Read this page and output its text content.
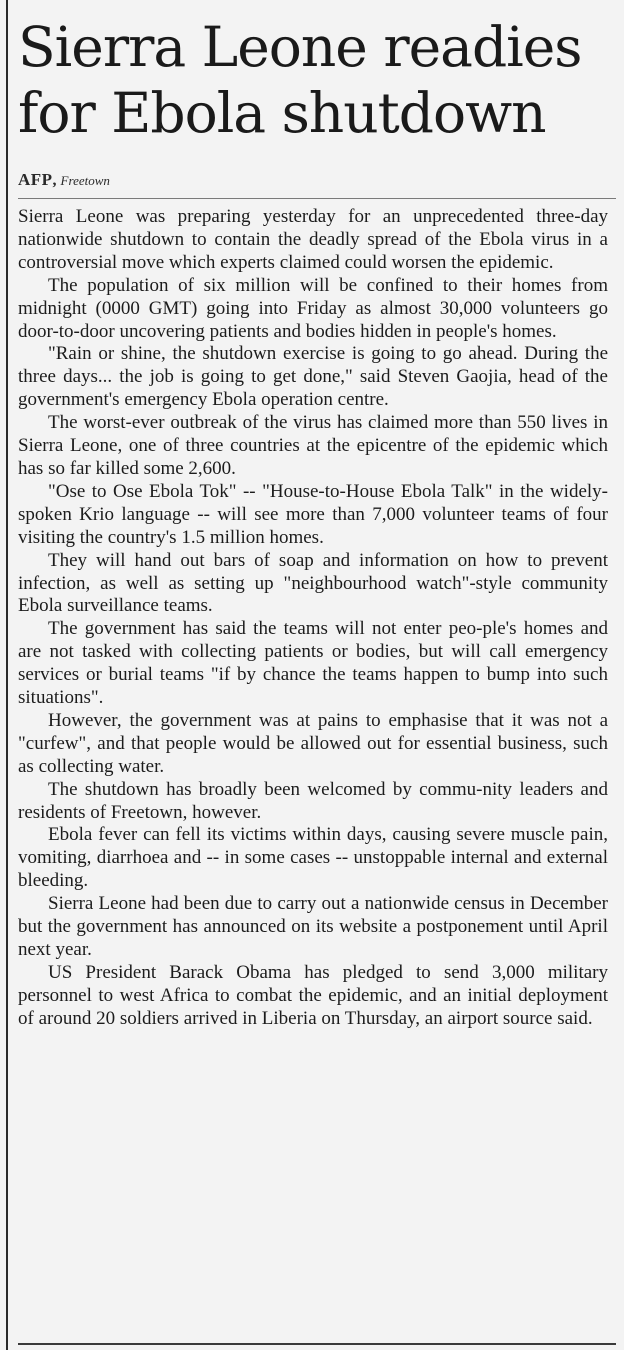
Sierra Leone readies for Ebola shutdown
AFP, Freetown

Sierra Leone was preparing yesterday for an unprecedented three-day nationwide shutdown to contain the deadly spread of the Ebola virus in a controversial move which experts claimed could worsen the epidemic.

The population of six million will be confined to their homes from midnight (0000 GMT) going into Friday as almost 30,000 volunteers go door-to-door uncovering patients and bodies hidden in people's homes.

"Rain or shine, the shutdown exercise is going to go ahead. During the three days... the job is going to get done," said Steven Gaojia, head of the government's emergency Ebola operation centre.

The worst-ever outbreak of the virus has claimed more than 550 lives in Sierra Leone, one of three countries at the epicentre of the epidemic which has so far killed some 2,600.

"Ose to Ose Ebola Tok" -- "House-to-House Ebola Talk" in the widely-spoken Krio language -- will see more than 7,000 volunteer teams of four visiting the country's 1.5 million homes.

They will hand out bars of soap and information on how to prevent infection, as well as setting up "neighbourhood watch"-style community Ebola surveillance teams.

The government has said the teams will not enter peo-ple's homes and are not tasked with collecting patients or bodies, but will call emergency services or burial teams "if by chance the teams happen to bump into such situations".

However, the government was at pains to emphasise that it was not a "curfew", and that people would be allowed out for essential business, such as collecting water.

The shutdown has broadly been welcomed by commu-nity leaders and residents of Freetown, however.

Ebola fever can fell its victims within days, causing severe muscle pain, vomiting, diarrhoea and -- in some cases -- unstoppable internal and external bleeding.

Sierra Leone had been due to carry out a nationwide census in December but the government has announced on its website a postponement until April next year.

US President Barack Obama has pledged to send 3,000 military personnel to west Africa to combat the epidemic, and an initial deployment of around 20 soldiers arrived in Liberia on Thursday, an airport source said.
